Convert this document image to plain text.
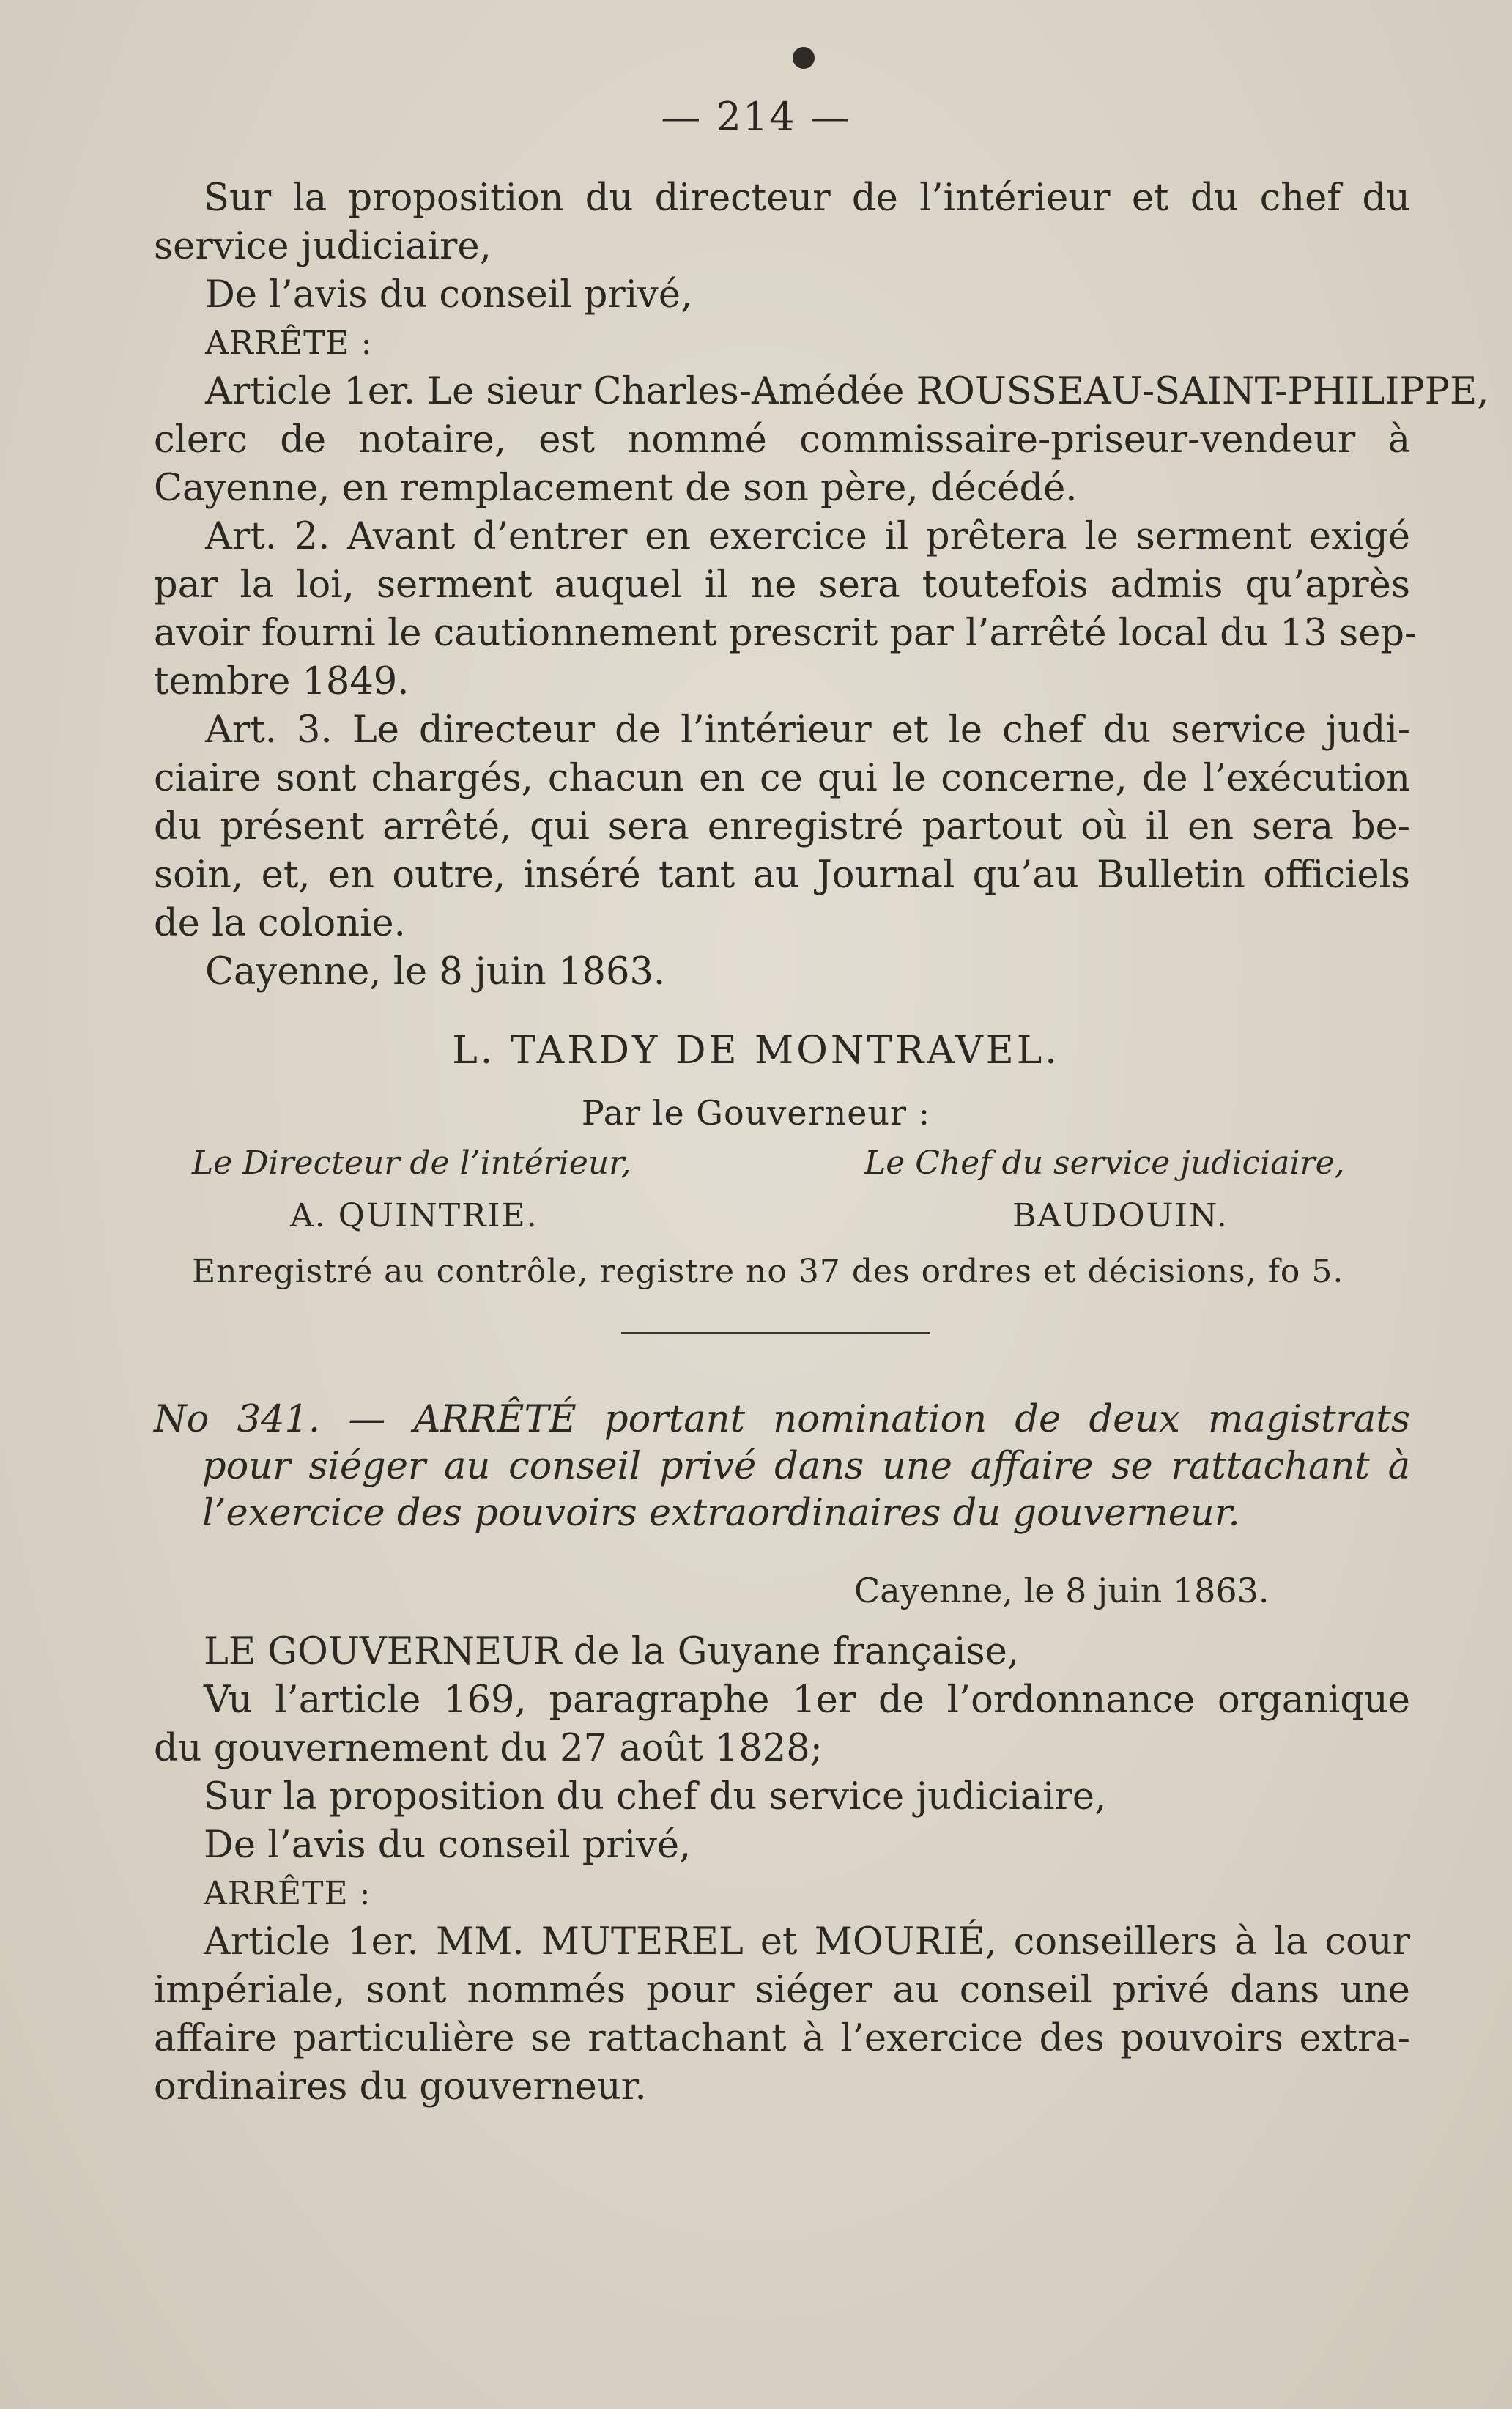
— 214 —
Sur la proposition du directeur de l’intérieur et du chef du
service judiciaire,
De l’avis du conseil privé,
ARRÊTE :
Article 1er. Le sieur Charles-Amédée ROUSSEAU-SAINT-PHILIPPE,
clerc de notaire, est nommé commissaire-priseur-vendeur à
Cayenne, en remplacement de son père, décédé.
Art. 2. Avant d’entrer en exercice il prêtera le serment exigé
par la loi, serment auquel il ne sera toutefois admis qu’après
avoir fourni le cautionnement prescrit par l’arrêté local du 13 sep-
tembre 1849.
Art. 3. Le directeur de l’intérieur et le chef du service judi-
ciaire sont chargés, chacun en ce qui le concerne, de l’exécution
du présent arrêté, qui sera enregistré partout où il en sera be-
soin, et, en outre, inséré tant au Journal qu’au Bulletin officiels
de la colonie.
Cayenne, le 8 juin 1863.
L. TARDY DE MONTRAVEL.
Par le Gouverneur :
Le Directeur de l’intérieur,	Le Chef du service judiciaire,
A. QUINTRIE.	BAUDOUIN.
Enregistré au contrôle, registre no 37 des ordres et décisions, fo 5.
No 341. — ARRÊTÉ portant nomination de deux magistrats
pour siéger au conseil privé dans une affaire se rattachant à
l’exercice des pouvoirs extraordinaires du gouverneur.
Cayenne, le 8 juin 1863.
LE GOUVERNEUR de la Guyane française,
Vu l’article 169, paragraphe 1er de l’ordonnance organique
du gouvernement du 27 août 1828;
Sur la proposition du chef du service judiciaire,
De l’avis du conseil privé,
ARRÊTE :
Article 1er. MM. MUTEREL et MOURIÉ, conseillers à la cour
impériale, sont nommés pour siéger au conseil privé dans une
affaire particulière se rattachant à l’exercice des pouvoirs extra-
ordinaires du gouverneur.
